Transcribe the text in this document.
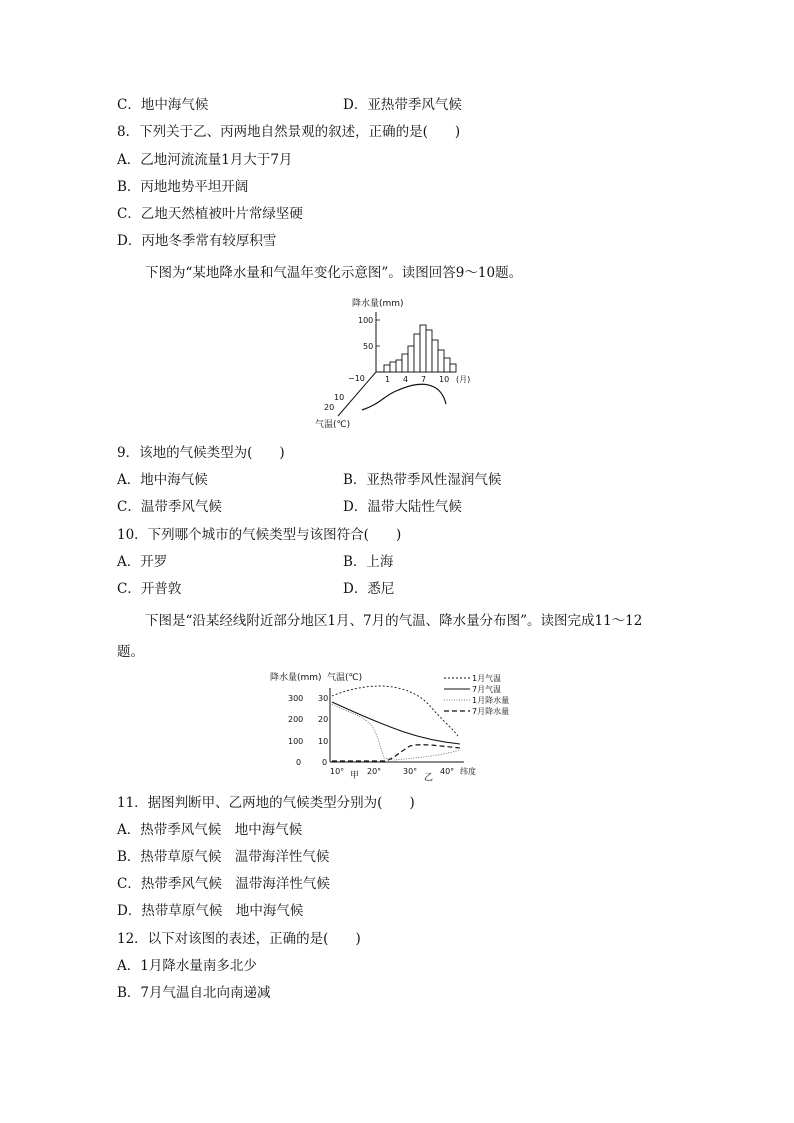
C．地中海气候	D．亚热带季风气候
8．下列关于乙、丙两地自然景观的叙述，正确的是(　　)
A．乙地河流流量1月大于7月
B．丙地地势平坦开阔
C．乙地天然植被叶片常绿坚硬
D．丙地冬季常有较厚积雪
下图为“某地降水量和气温年变化示意图”。读图回答9～10题。
降水量(mm)
100
50
−10	1 4 7 10 (月)
10
20
气温(℃)
9．该地的气候类型为(　　)
A．地中海气候	B．亚热带季风性湿润气候
C．温带季风气候	D．温带大陆性气候
10．下列哪个城市的气候类型与该图符合(　　)
A．开罗	B．上海
C．开普敦	D．悉尼
下图是“沿某经线附近部分地区1月、7月的气温、降水量分布图”。读图完成11～12
题。
降水量(mm) 气温(℃)
300
200
100
0
30
20
10
0
10°	20°	30°	40° 纬度
甲	乙
1月气温
7月气温
1月降水量
7月降水量
11．据图判断甲、乙两地的气候类型分别为(　　)
A．热带季风气候　地中海气候
B．热带草原气候　温带海洋性气候
C．热带季风气候　温带海洋性气候
D．热带草原气候　地中海气候
12．以下对该图的表述，正确的是(　　)
A．1月降水量南多北少
B．7月气温自北向南递减
